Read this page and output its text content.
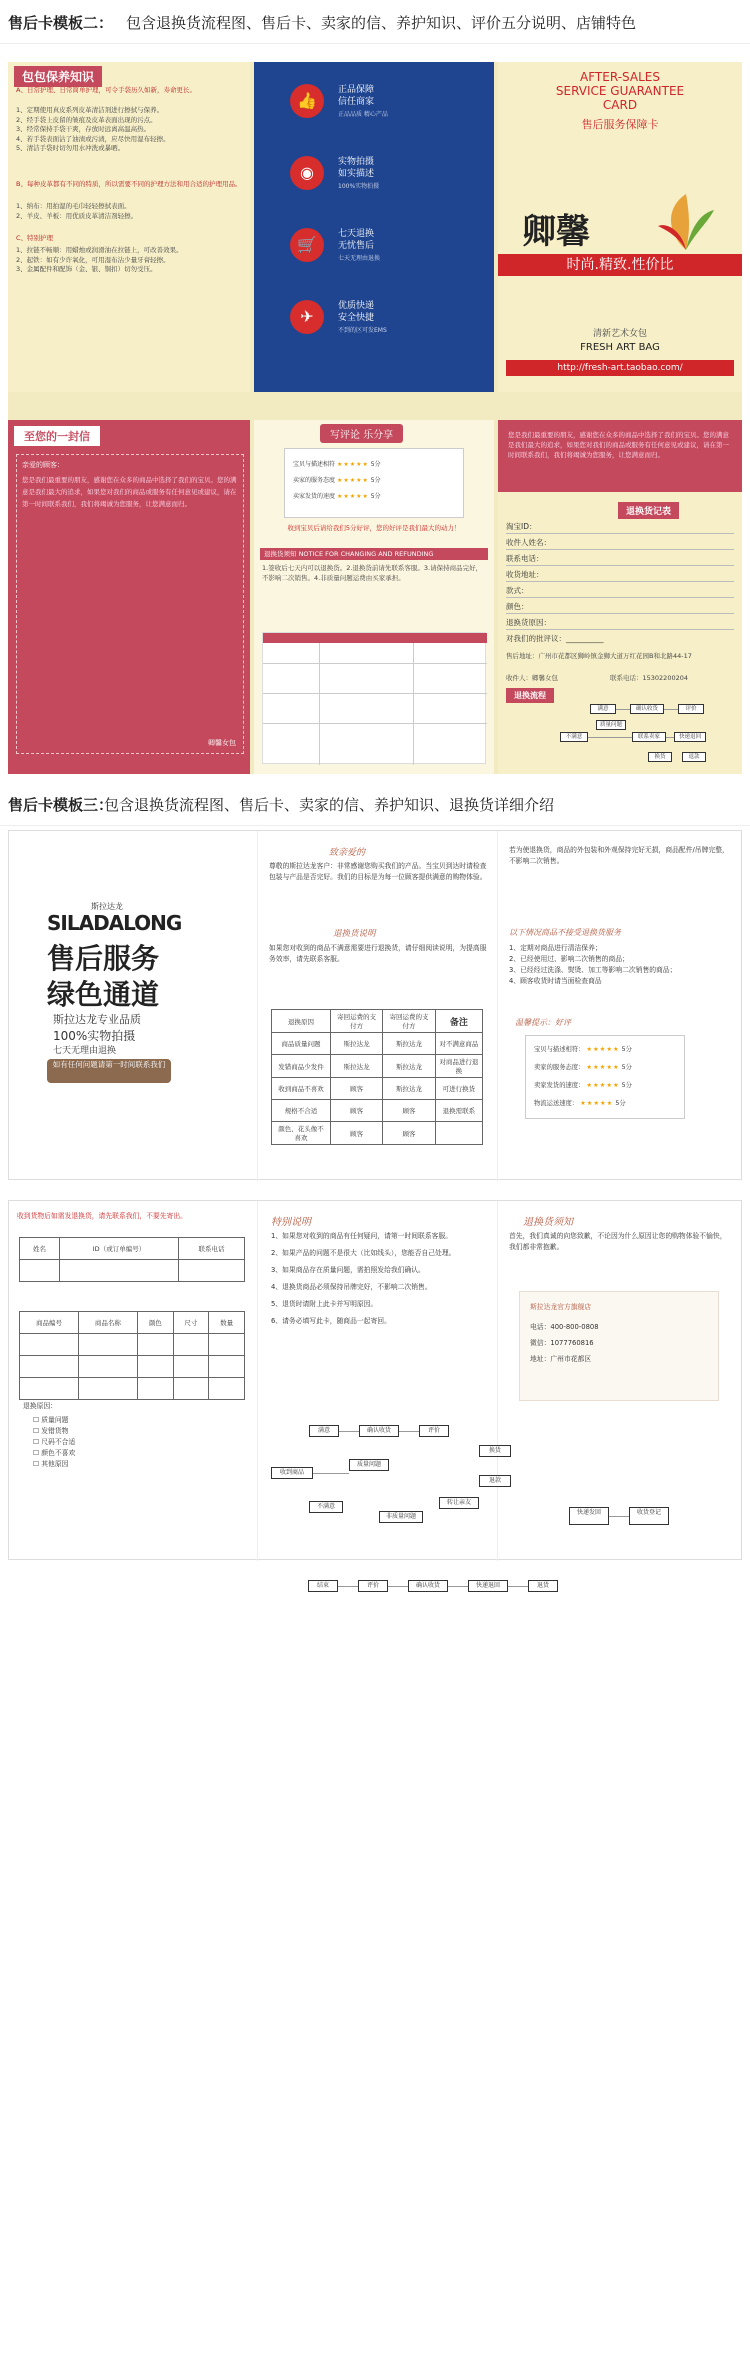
售后卡模板二： 包含退换货流程图、售后卡、卖家的信、养护知识、评价五分说明、店铺特色
包包保养知识
A、日常护理、日常简单护理，可令手袋历久如新，寿命更长。
1、定期使用真皮系列皮革清洁剂进行擦拭与保养。
2、经手袋上皮留的皱痕及皮革表面出现的污点。
3、经常保持手袋干爽，存放时远离高温高热。
4、若手袋表面沾了油渍或污渍，应尽快用湿布轻擦。
5、清洁手袋时切勿用水冲洗或暴晒。
B、每种皮革都有不同的特质，所以需要不同的护理方法和用合适的护理用品。
1、纳布：用拍湿的毛巾轻轻擦拭表面。
2、羊皮、羊板：用优质皮革清洁剂轻擦。
C、特别护理
1、拉链不畅顺：用蜡烛或润滑油在拉链上，可改善效果。
2、起铁：如有少许氧化，可用湿布沾少量牙膏轻擦。
3、金属配件和配饰（金、银、铜扣）切勿受压。
👍
正品保障
信任商家
正品品质 精心产品
◉
实物拍摄
如实描述
100%实物拍摄
🛒
七天退换
无忧售后
七天无理由退换
✈
优质快递
安全快捷
不到的区可发EMS
AFTER-SALES
SERVICE GUARANTEE
CARD
售后服务保障卡
卿馨
时尚.精致.性价比
清新艺术女包
FRESH ART BAG
http://fresh-art.taobao.com/
至您的一封信
亲爱的顾客：
您是我们最重要的朋友，感谢您在众多的商品中选择了我们的宝贝。您的满意是我们最大的追求，如果您对我们的商品或服务有任何意见或建议，请在第一时间联系我们，我们将竭诚为您服务，让您满意而归。
卿馨女包
写评论 乐分享
宝贝与描述相符 ★★★★★ 5分
卖家的服务态度 ★★★★★ 5分
卖家发货的速度 ★★★★★ 5分
收到宝贝后请给我们5分好评，您的好评是我们最大的动力！
退换货须知 NOTICE FOR CHANGING AND REFUNDING
1.签收后七天内可以退换货。2.退换货前请先联系客服。3.请保持商品完好，不影响二次销售。4.非质量问题运费由买家承担。
您是我们最重要的朋友，感谢您在众多的商品中选择了我们的宝贝。您的满意是我们最大的追求，如果您对我们的商品或服务有任何意见或建议，请在第一时间联系我们，我们将竭诚为您服务，让您满意而归。
退换货记表
淘宝ID：
收件人姓名：
联系电话：
收货地址：
款式：
颜色：
退换货原因：
对我们的批评议：__________
售后地址：广州市花都区狮岭镇金狮大道万红花园B和北路44-17
收件人：卿馨女包	联系电话：15302200204
退换流程
满意	确认收货	评价
不满意
质量问题
联系卖家	快递退回
换货	退款
售后卡模板三：
包含退换货流程图、售后卡、卖家的信、养护知识、退换货详细介绍
斯拉达龙
SILADALONG
售后服务
绿色通道
斯拉达龙专业品质
100%实物拍摄
七天无理由退换
如有任何问题请第一时间联系我们
致亲爱的
尊敬的斯拉达龙客户：非常感谢您购买我们的产品。当宝贝到达时请检查包装与产品是否完好。我们的目标是为每一位顾客提供满意的购物体验。
退换货说明
如果您对收到的商品不满意需要进行退换货，请仔细阅读说明，为提高服务效率，请先联系客服。
退换原因	寄回运费的支付方	寄回运费的支付方	备注
商品质量问题	斯拉达龙	斯拉达龙	对不满意商品
发错商品少发件	斯拉达龙	斯拉达龙	对商品进行退换
收到商品不喜欢	顾客	斯拉达龙	可进行换货
规格不合适	顾客	顾客	退换需联系
颜色、花头像不喜欢	顾客	顾客	
若为使退换货，商品的外包装和外观保持完好无损，商品配件/吊牌完整，不影响二次销售。
以下情况商品不接受退换货服务
1、定期对商品进行清洁保养；
2、已经使用过、影响二次销售的商品；
3、已经经过洗涤、熨烫、加工等影响二次销售的商品；
4、顾客收货时请当面检查商品
温馨提示：好评
宝贝与描述相符： ★★★★★ 5分
卖家的服务态度： ★★★★★ 5分
卖家发货的速度： ★★★★★ 5分
物流运送速度： ★★★★★ 5分
收到货物后如需发退换货，请先联系我们，不要先寄出。
姓名	ID（或订单编号）	联系电话

商品编号	商品名称	颜色	尺寸	数量

退换原因：
☐ 质量问题
☐ 发错货物
☐ 尺码不合适
☐ 颜色不喜欢
☐ 其他原因
特别说明
1、如果您对收到的商品有任何疑问，请第一时间联系客服。
2、如果产品的问题不是很大（比如线头），您能否自己处理。
3、如果商品存在质量问题，需拍照发给我们确认。
4、退换货商品必须保持吊牌完好，不影响二次销售。
5、退货时请附上此卡并写明原因。
6、请务必填写此卡，随商品一起寄回。
退换货须知
首先，我们真诚的向您致歉，不论因为什么原因让您的购物体验不愉快，我们都非常抱歉。
斯拉达龙官方旗舰店
电话：400-800-0808
微信：1077760816
地址：广州市花都区
满意	确认收货	评价
收到商品
质量问题
换货
不满意
非质量问题
退款
转让亲友
快递发回	收货登记
结束	评价	确认收货	快递退回	退货
